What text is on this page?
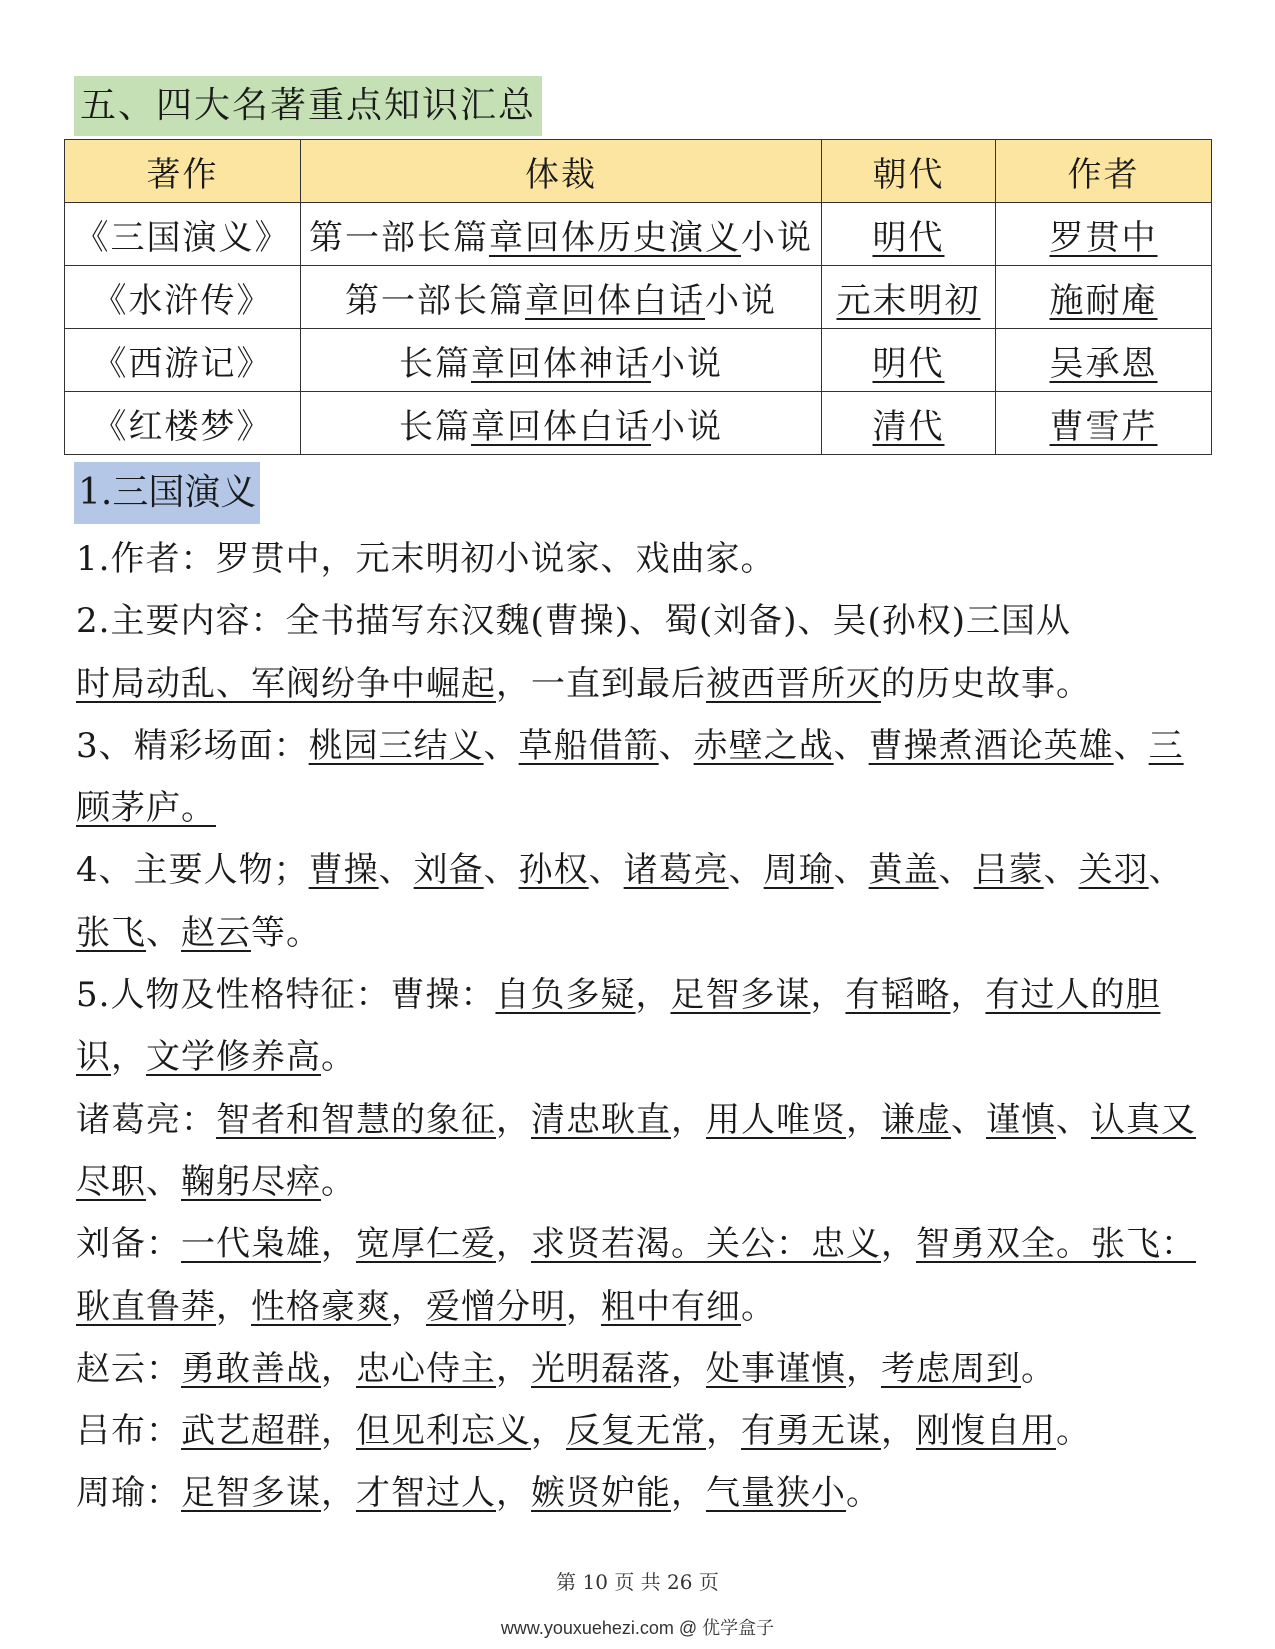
五、四大名著重点知识汇总
著作	体裁	朝代	作者
《三国演义》	第一部长篇章回体历史演义小说	明代	罗贯中
《水浒传》	第一部长篇章回体白话小说	元末明初	施耐庵
《西游记》	长篇章回体神话小说	明代	吴承恩
《红楼梦》	长篇章回体白话小说	清代	曹雪芹
1.三国演义

1.作者：罗贯中，元末明初小说家、戏曲家。

2.主要内容：全书描写东汉魏(曹操)、蜀(刘备)、吴(孙权)三国从
时局动乱、军阀纷争中崛起，一直到最后被西晋所灭的历史故事。

3、精彩场面：桃园三结义、草船借箭、赤壁之战、曹操煮酒论英雄、三顾茅庐。

4、主要人物；曹操、刘备、孙权、诸葛亮、周瑜、黄盖、吕蒙、关羽、张飞、赵云等。

5.人物及性格特征：曹操：自负多疑，足智多谋，有韬略，有过人的胆识，文学修养高。

诸葛亮：智者和智慧的象征，清忠耿直，用人唯贤，谦虚、谨慎、认真又尽职、鞠躬尽瘁。

刘备：一代枭雄，宽厚仁爱，求贤若渴。关公：忠义，智勇双全。张飞：耿直鲁莽，性格豪爽，爱憎分明，粗中有细。

赵云：勇敢善战，忠心侍主，光明磊落，处事谨慎，考虑周到。

吕布：武艺超群，但见利忘义，反复无常，有勇无谋，刚愎自用。

周瑜：足智多谋，才智过人，嫉贤妒能，气量狭小。

第 10 页 共 26 页
www.youxuehezi.com @ 优学盒子
